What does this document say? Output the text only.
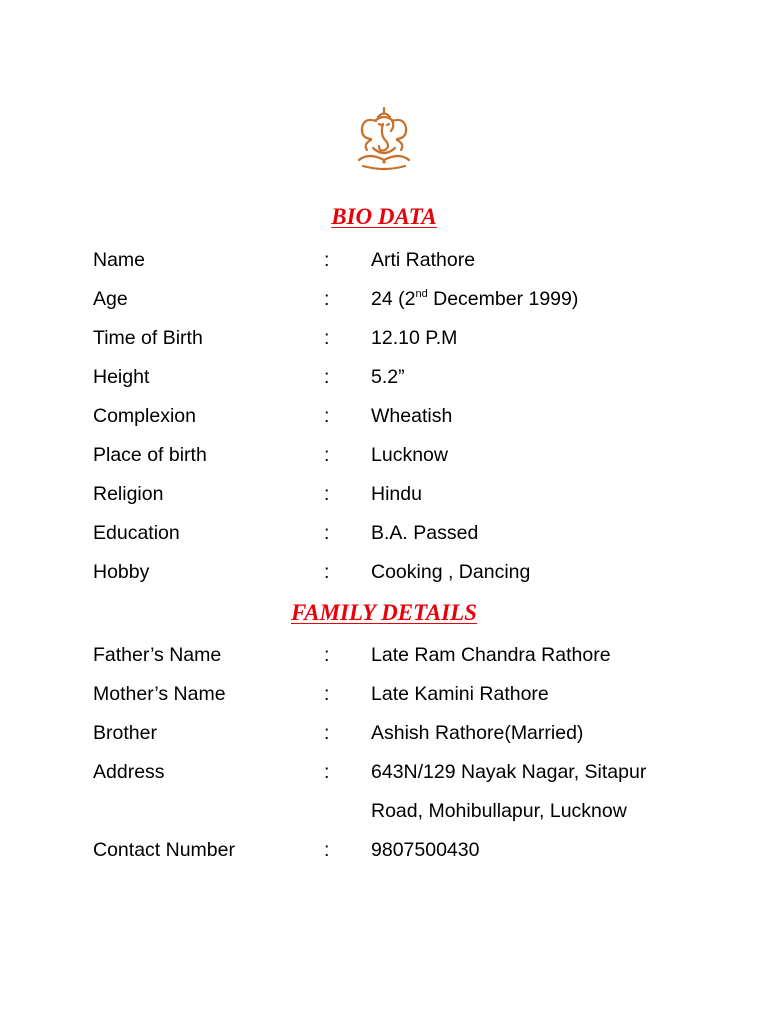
BIO DATA
Name	: Arti Rathore
Age	: 24 (2nd December 1999)
Time of Birth	: 12.10 P.M
Height	: 5.2”
Complexion	: Wheatish
Place of birth	: Lucknow
Religion	: Hindu
Education	: B.A. Passed
Hobby	: Cooking , Dancing
FAMILY DETAILS
Father’s Name	: Late Ram Chandra Rathore
Mother’s Name	: Late Kamini Rathore
Brother	: Ashish Rathore(Married)
Address	: 643N/129 Nayak Nagar, Sitapur
Road, Mohibullapur, Lucknow
Contact Number	: 9807500430
